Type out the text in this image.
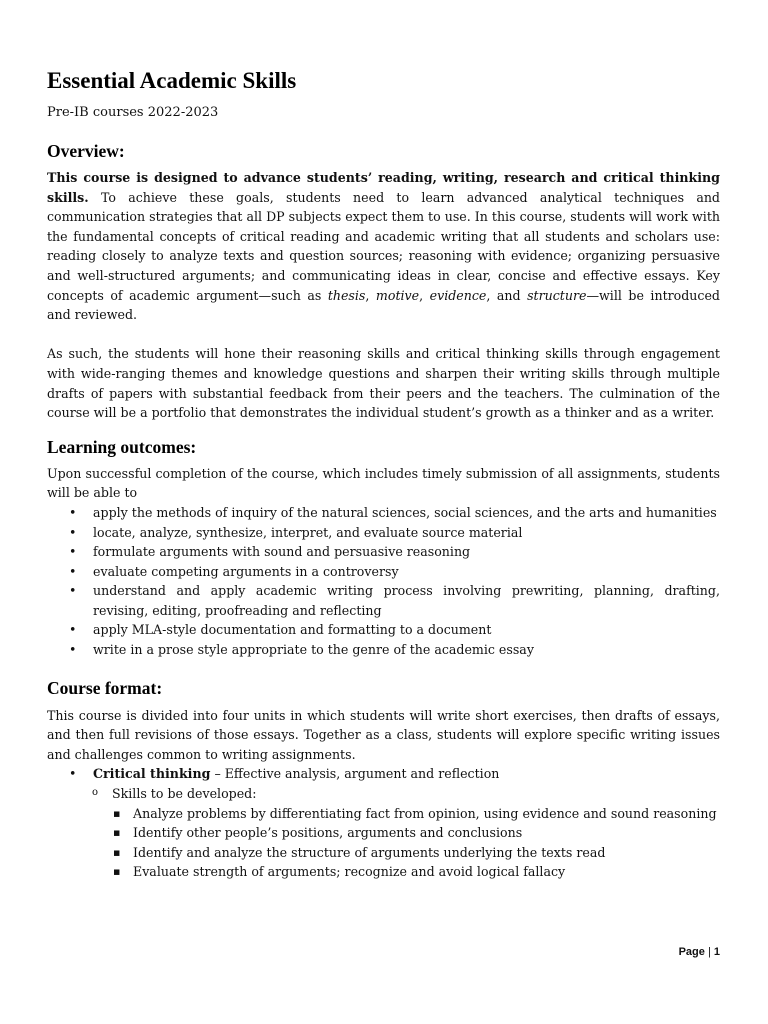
Essential Academic Skills
Pre-IB courses 2022-2023
Overview:

This course is designed to advance students’ reading, writing, research and critical thinking skills. To achieve these goals, students need to learn advanced analytical techniques and communication strategies that all DP subjects expect them to use. In this course, students will work with the fundamental concepts of critical reading and academic writing that all students and scholars use: reading closely to analyze texts and question sources; reasoning with evidence; organizing persuasive and well-structured arguments; and communicating ideas in clear, concise and effective essays. Key concepts of academic argument—such as thesis, motive, evidence, and structure—will be introduced and reviewed.

As such, the students will hone their reasoning skills and critical thinking skills through engagement with wide-ranging themes and knowledge questions and sharpen their writing skills through multiple drafts of papers with substantial feedback from their peers and the teachers. The culmination of the course will be a portfolio that demonstrates the individual student’s growth as a thinker and as a writer.

Learning outcomes:

Upon successful completion of the course, which includes timely submission of all assignments, students will be able to

• apply the methods of inquiry of the natural sciences, social sciences, and the arts and humanities
• locate, analyze, synthesize, interpret, and evaluate source material
• formulate arguments with sound and persuasive reasoning
• evaluate competing arguments in a controversy
• understand and apply academic writing process involving prewriting, planning, drafting, revising, editing, proofreading and reflecting
• apply MLA-style documentation and formatting to a document
• write in a prose style appropriate to the genre of the academic essay
Course format:

This course is divided into four units in which students will write short exercises, then drafts of essays, and then full revisions of those essays. Together as a class, students will explore specific writing issues and challenges common to writing assignments.

• Critical thinking – Effective analysis, argument and reflection
o Skills to be developed:
▪ Analyze problems by differentiating fact from opinion, using evidence and sound reasoning
▪ Identify other people’s positions, arguments and conclusions
▪ Identify and analyze the structure of arguments underlying the texts read
▪ Evaluate strength of arguments; recognize and avoid logical fallacy
Page | 1
